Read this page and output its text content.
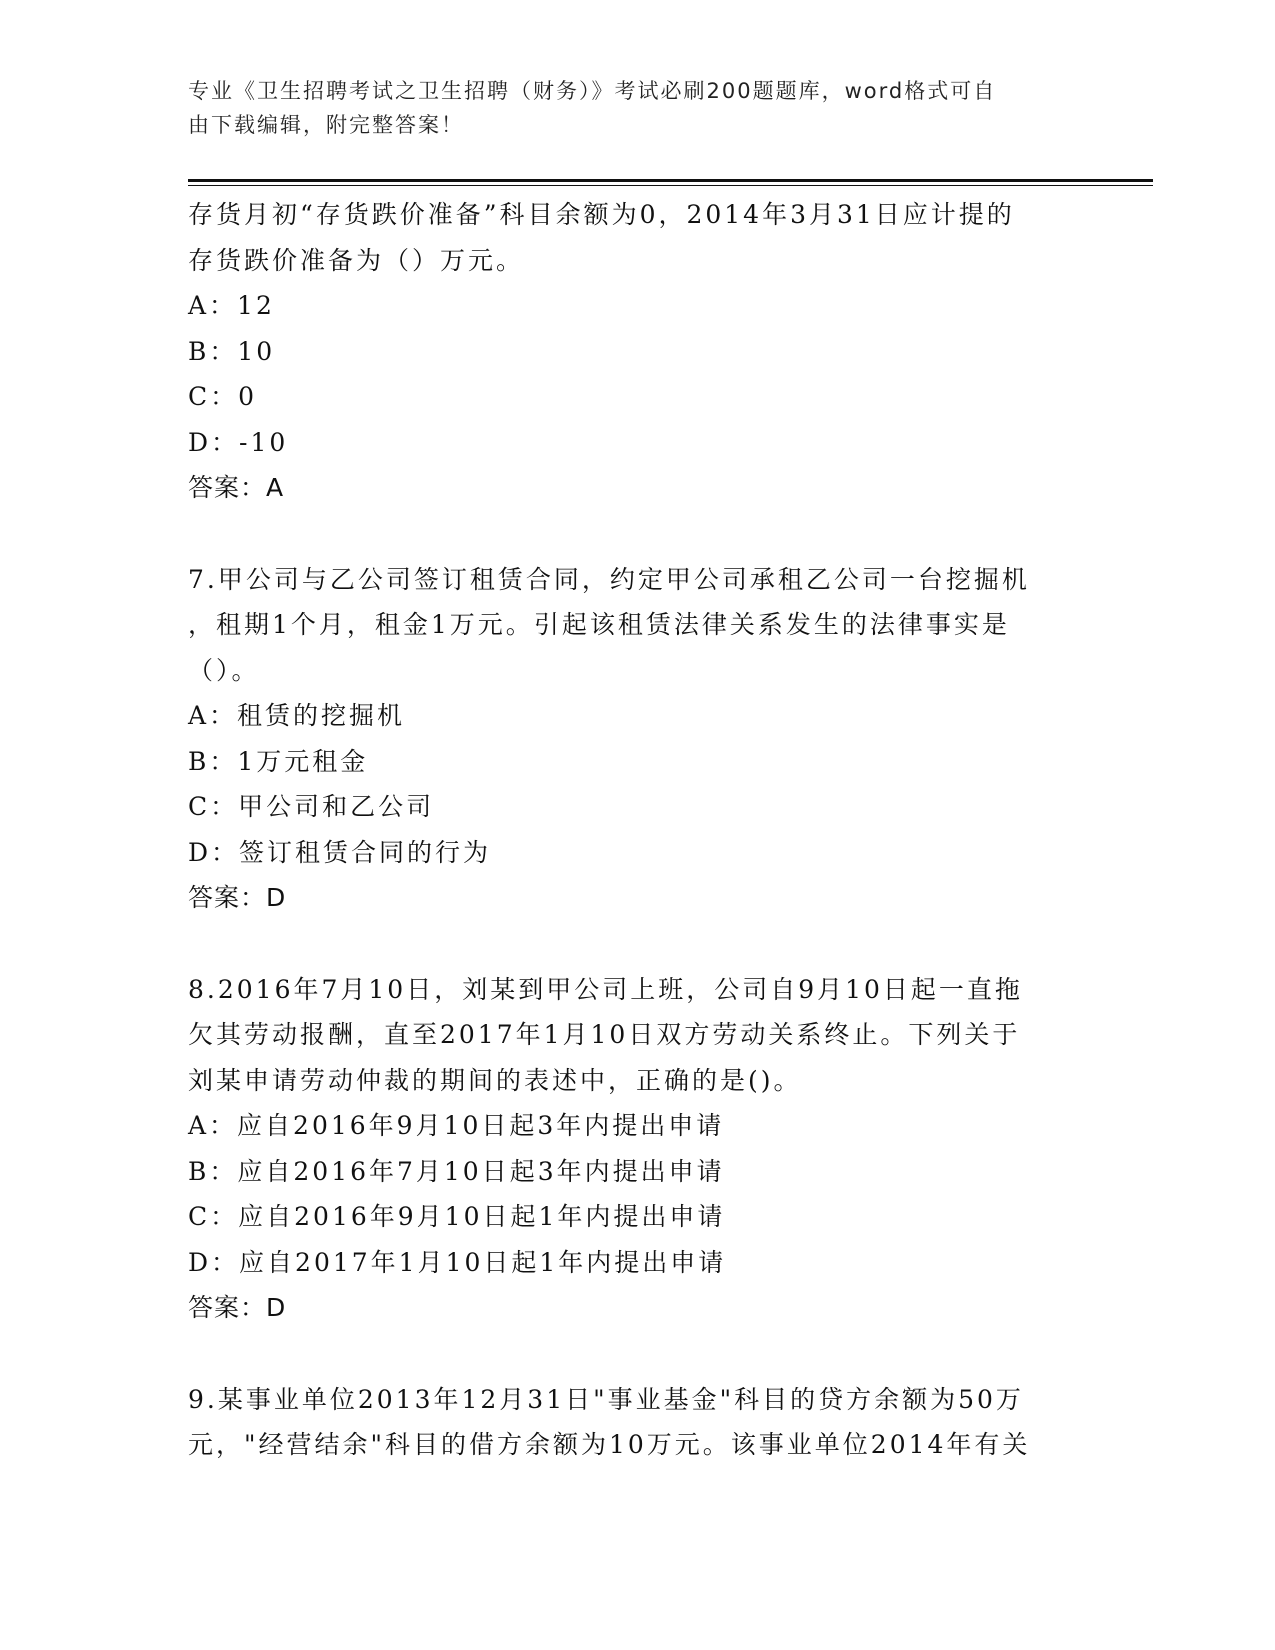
专业《卫生招聘考试之卫生招聘（财务）》考试必刷200题题库，word格式可自
由下载编辑，附完整答案！
存货月初“存货跌价准备”科目余额为0，2014年3月31日应计提的
存货跌价准备为（）万元。
A：12
B：10
C：0
D：-10
答案：A
7.甲公司与乙公司签订租赁合同，约定甲公司承租乙公司一台挖掘机
，租期1个月，租金1万元。引起该租赁法律关系发生的法律事实是
（）。
A：租赁的挖掘机
B：1万元租金
C：甲公司和乙公司
D：签订租赁合同的行为
答案：D
8.2016年7月10日，刘某到甲公司上班，公司自9月10日起一直拖
欠其劳动报酬，直至2017年1月10日双方劳动关系终止。下列关于
刘某申请劳动仲裁的期间的表述中，正确的是()。
A：应自2016年9月10日起3年内提出申请
B：应自2016年7月10日起3年内提出申请
C：应自2016年9月10日起1年内提出申请
D：应自2017年1月10日起1年内提出申请
答案：D
9.某事业单位2013年12月31日"事业基金"科目的贷方余额为50万
元，"经营结余"科目的借方余额为10万元。该事业单位2014年有关
